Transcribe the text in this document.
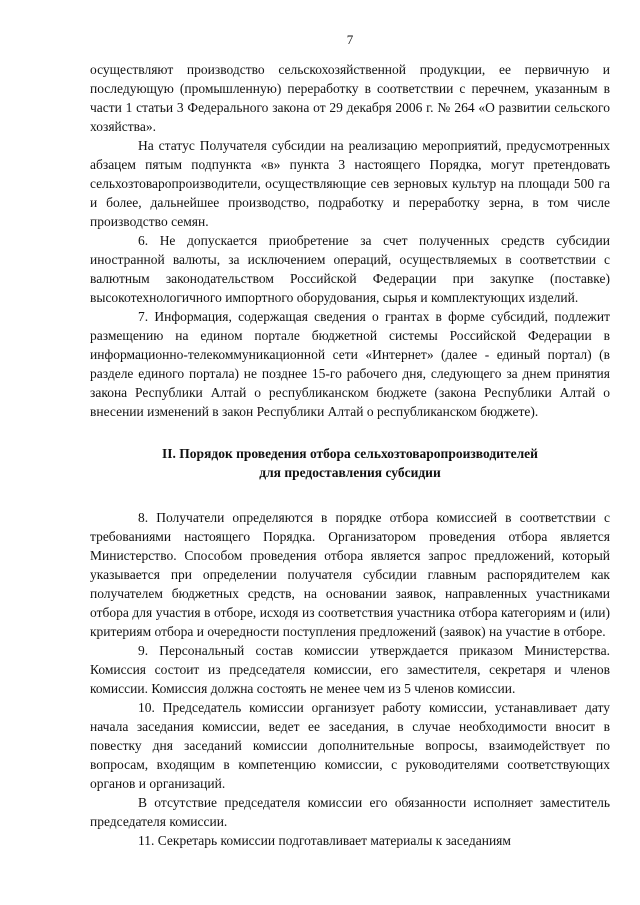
7

осуществляют производство сельскохозяйственной продукции, ее первичную и последующую (промышленную) переработку в соответствии с перечнем, указанным в части 1 статьи 3 Федерального закона от 29 декабря 2006 г. № 264 «О развитии сельского хозяйства».

На статус Получателя субсидии на реализацию мероприятий, предусмотренных абзацем пятым подпункта «в» пункта 3 настоящего Порядка, могут претендовать сельхозтоваропроизводители, осуществляющие сев зерновых культур на площади 500 га и более, дальнейшее производство, подработку и переработку зерна, в том числе производство семян.

6. Не допускается приобретение за счет полученных средств субсидии иностранной валюты, за исключением операций, осуществляемых в соответствии с валютным законодательством Российской Федерации при закупке (поставке) высокотехнологичного импортного оборудования, сырья и комплектующих изделий.

7. Информация, содержащая сведения о грантах в форме субсидий, подлежит размещению на едином портале бюджетной системы Российской Федерации в информационно-телекоммуникационной сети «Интернет» (далее - единый портал) (в разделе единого портала) не позднее 15-го рабочего дня, следующего за днем принятия закона Республики Алтай о республиканском бюджете (закона Республики Алтай о внесении изменений в закон Республики Алтай о республиканском бюджете).

II. Порядок проведения отбора сельхозтоваропроизводителей
для предоставления субсидии

8. Получатели определяются в порядке отбора комиссией в соответствии с требованиями настоящего Порядка. Организатором проведения отбора является Министерство. Способом проведения отбора является запрос предложений, который указывается при определении получателя субсидии главным распорядителем как получателем бюджетных средств, на основании заявок, направленных участниками отбора для участия в отборе, исходя из соответствия участника отбора категориям и (или) критериям отбора и очередности поступления предложений (заявок) на участие в отборе.

9. Персональный состав комиссии утверждается приказом Министерства. Комиссия состоит из председателя комиссии, его заместителя, секретаря и членов комиссии. Комиссия должна состоять не менее чем из 5 членов комиссии.

10. Председатель комиссии организует работу комиссии, устанавливает дату начала заседания комиссии, ведет ее заседания, в случае необходимости вносит в повестку дня заседаний комиссии дополнительные вопросы, взаимодействует по вопросам, входящим в компетенцию комиссии, с руководителями соответствующих органов и организаций.

В отсутствие председателя комиссии его обязанности исполняет заместитель председателя комиссии.

11. Секретарь комиссии подготавливает материалы к заседаниям
